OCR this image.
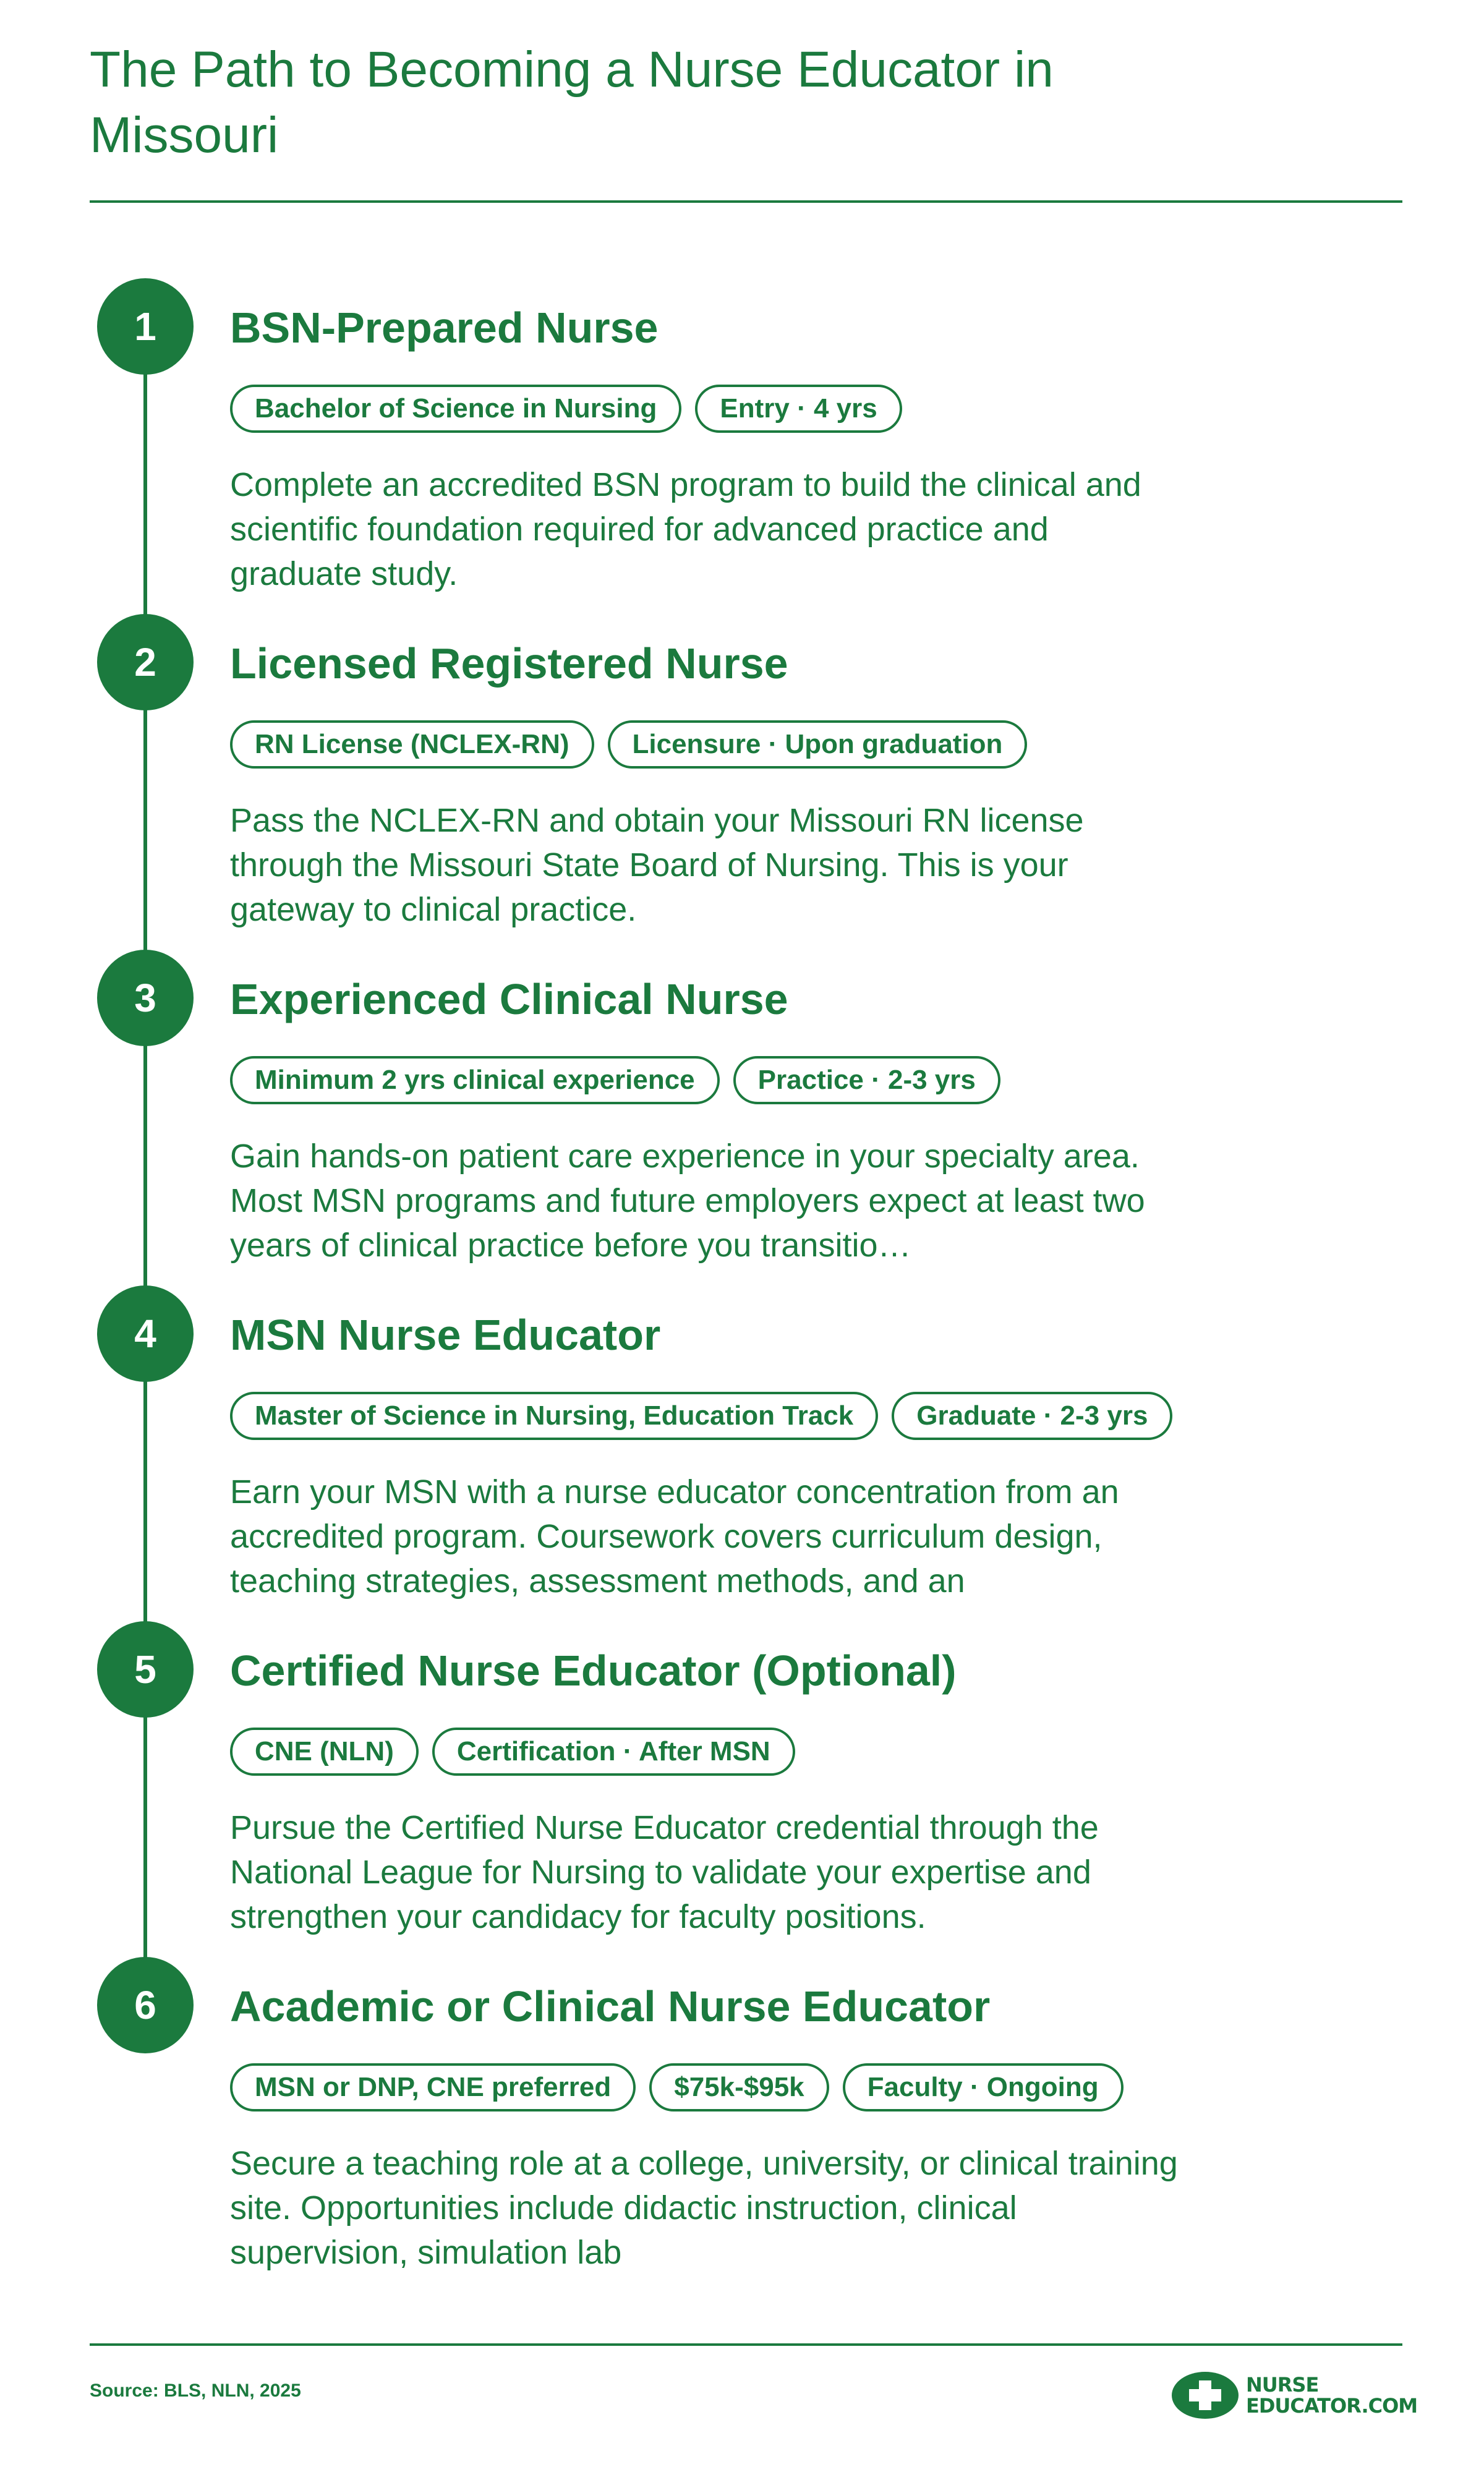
The Path to Becoming a Nurse Educator in Missouri
1	BSN-Prepared Nurse
Bachelor of Science in Nursing	Entry · 4 yrs

Complete an accredited BSN program to build the clinical and scientific foundation required for advanced practice and graduate study.

2	Licensed Registered Nurse
RN License (NCLEX-RN)	Licensure · Upon graduation

Pass the NCLEX-RN and obtain your Missouri RN license through the Missouri State Board of Nursing. This is your gateway to clinical practice.

3	Experienced Clinical Nurse
Minimum 2 yrs clinical experience	Practice · 2-3 yrs

Gain hands-on patient care experience in your specialty area. Most MSN programs and future employers expect at least two years of clinical practice before you transitio…

4	MSN Nurse Educator
Master of Science in Nursing, Education Track	Graduate · 2-3 yrs

Earn your MSN with a nurse educator concentration from an accredited program. Coursework covers curriculum design, teaching strategies, assessment methods, and an

5	Certified Nurse Educator (Optional)
CNE (NLN)	Certification · After MSN

Pursue the Certified Nurse Educator credential through the National League for Nursing to validate your expertise and strengthen your candidacy for faculty positions.

6	Academic or Clinical Nurse Educator
MSN or DNP, CNE preferred	$75k-$95k	Faculty · Ongoing

Secure a teaching role at a college, university, or clinical training site. Opportunities include didactic instruction, clinical supervision, simulation lab

Source: BLS, NLN, 2025	NURSE
EDUCATOR.COM
